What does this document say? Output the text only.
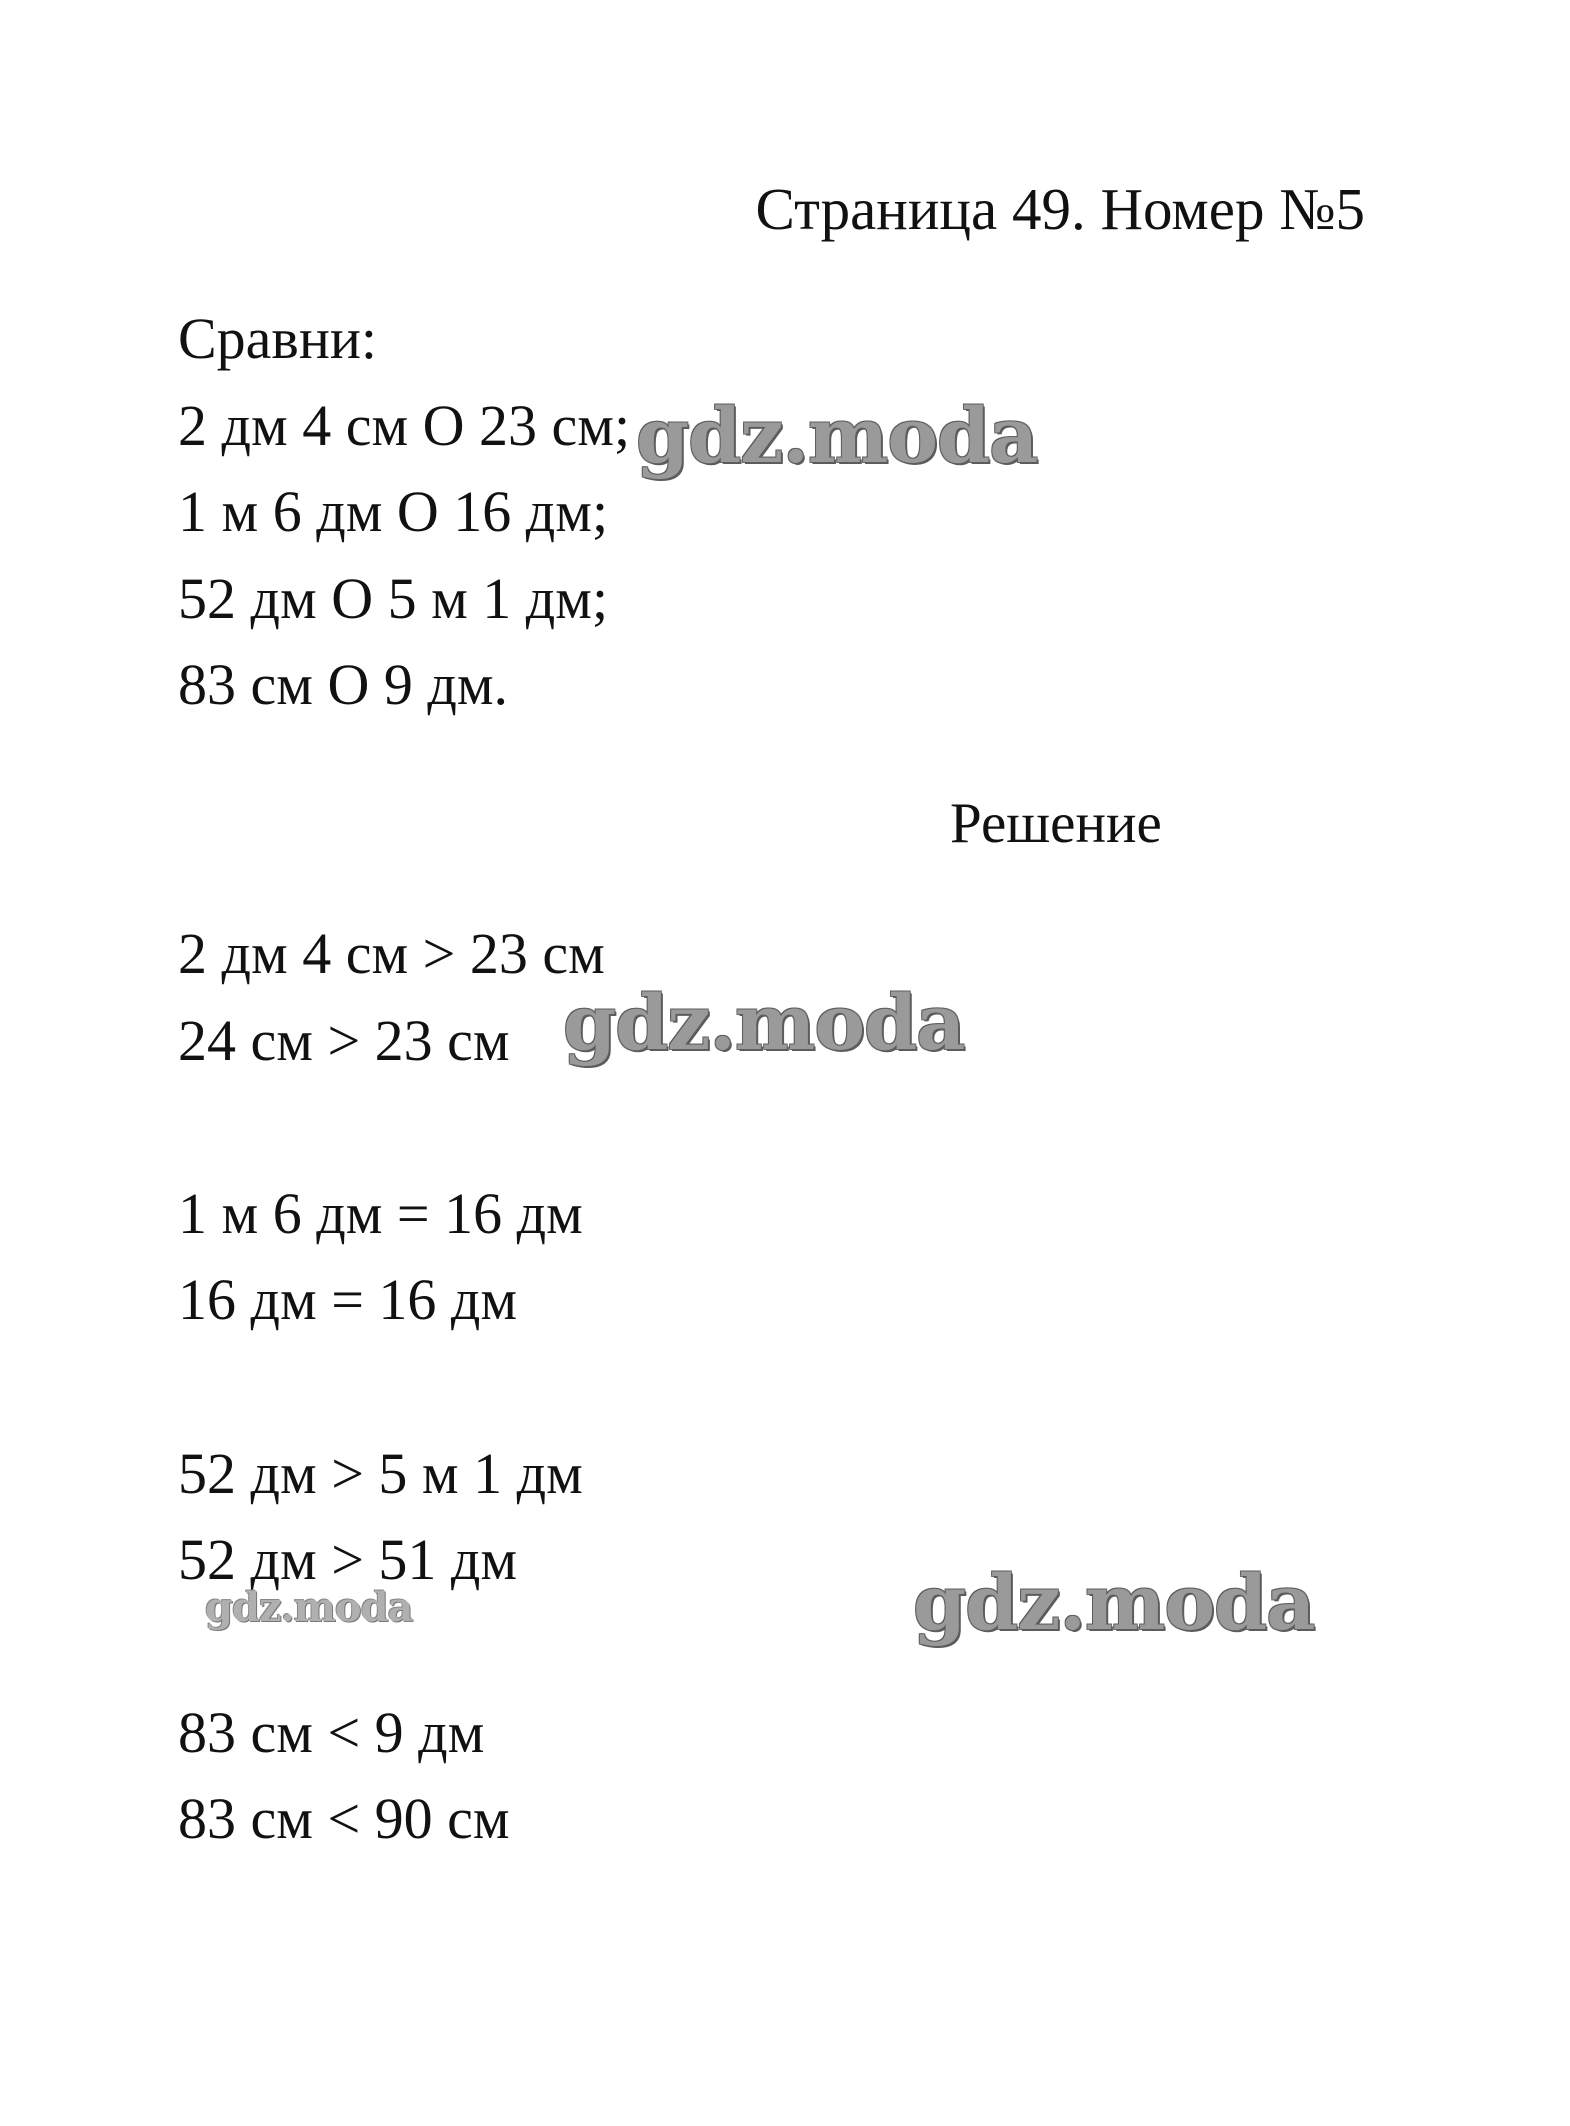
Страница 49. Номер №5
Сравни:
2 дм 4 см О 23 см;
1 м 6 дм О 16 дм;
52 дм О 5 м 1 дм;
83 см О 9 дм.
Решение
2 дм 4 см > 23 см
24 см > 23 см
1 м 6 дм = 16 дм
16 дм = 16 дм
52 дм > 5 м 1 дм
52 дм > 51 дм
83 см < 9 дм
83 см < 90 см
gdz.moda
gdz.moda
gdz.moda
gdz.moda
